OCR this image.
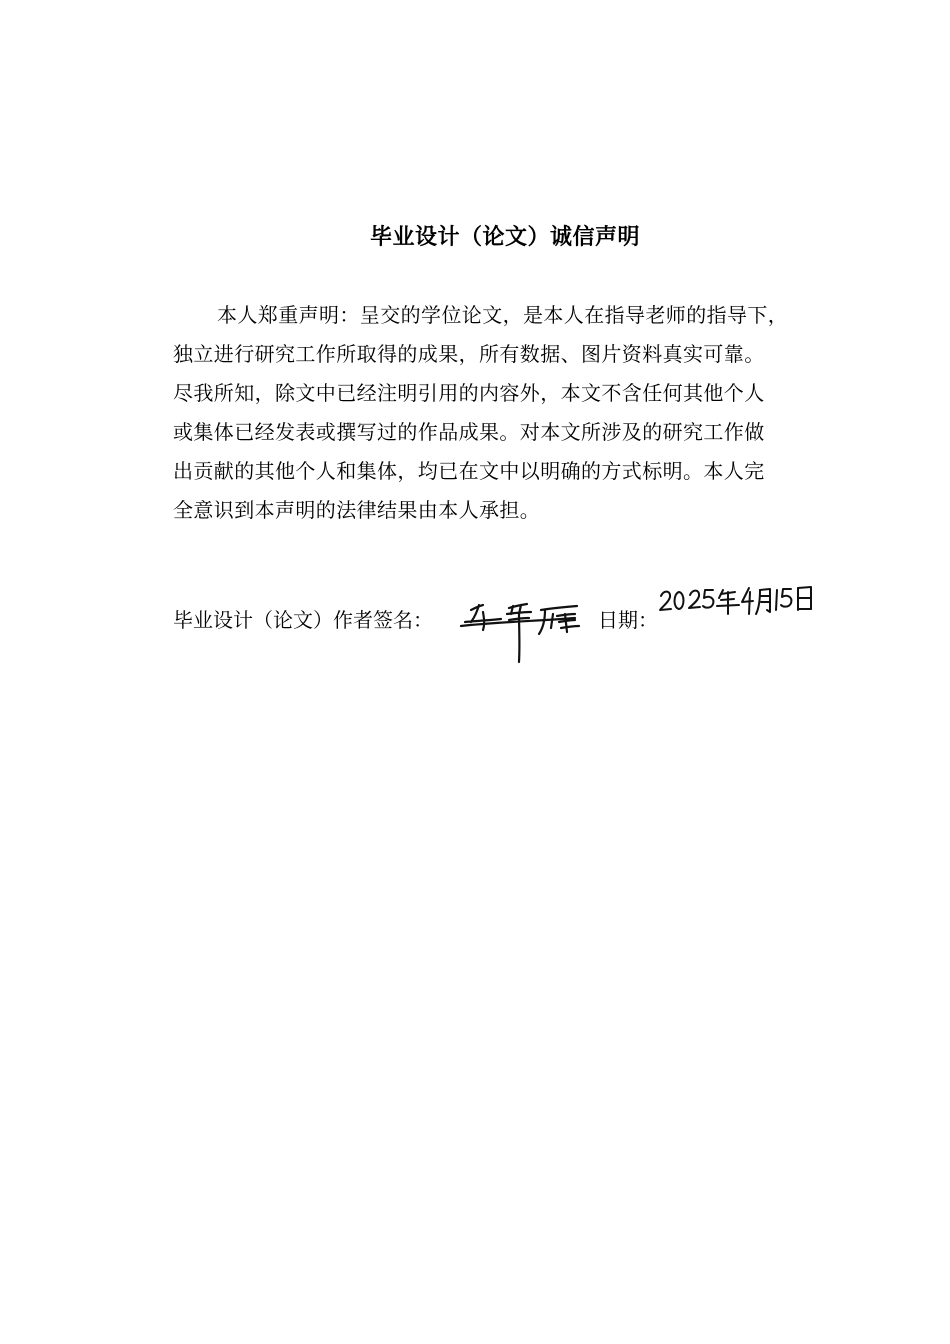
毕业设计（论文）诚信声明
本人郑重声明：呈交的学位论文，是本人在指导老师的指导下，
独立进行研究工作所取得的成果，所有数据、图片资料真实可靠。
尽我所知，除文中已经注明引用的内容外，本文不含任何其他个人
或集体已经发表或撰写过的作品成果。对本文所涉及的研究工作做
出贡献的其他个人和集体，均已在文中以明确的方式标明。本人完
全意识到本声明的法律结果由本人承担。
毕业设计（论文）作者签名：	日期：
